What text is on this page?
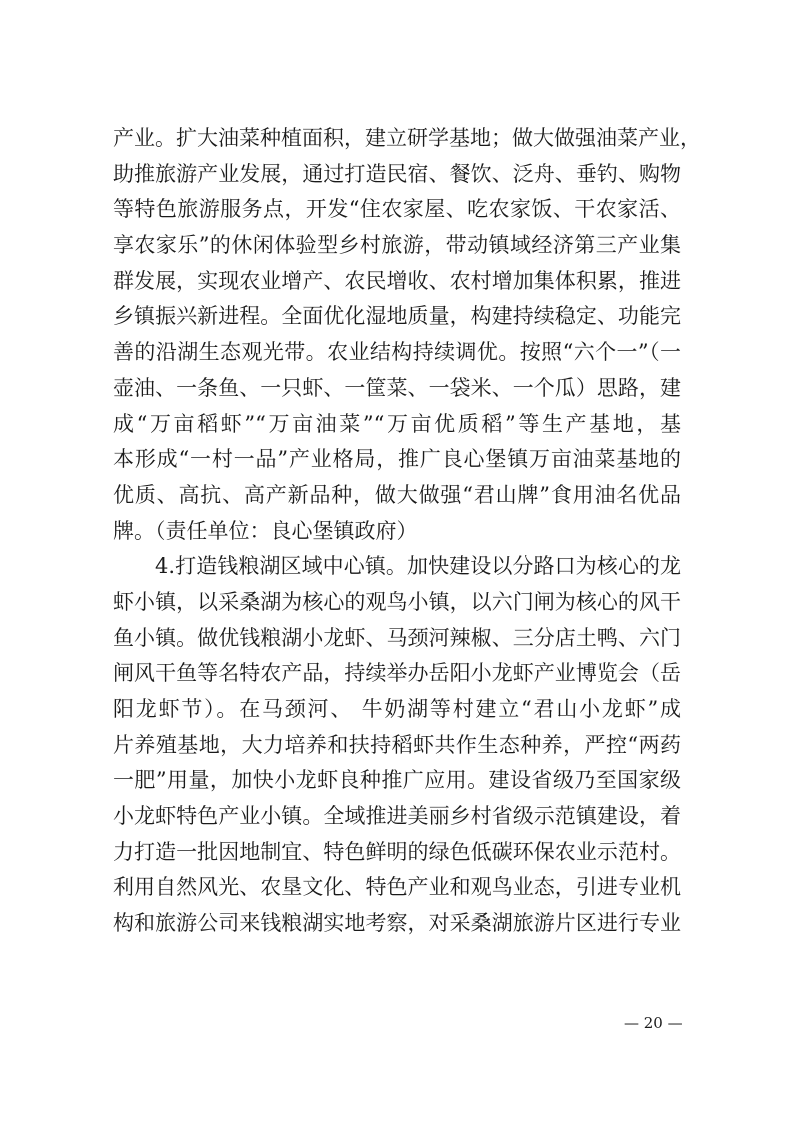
产业。扩大油菜种植面积，建立研学基地；做大做强油菜产业，
助推旅游产业发展，通过打造民宿、餐饮、泛舟、垂钓、购物
等特色旅游服务点，开发“住农家屋、吃农家饭、干农家活、
享农家乐”的休闲体验型乡村旅游，带动镇域经济第三产业集
群发展，实现农业增产、农民增收、农村增加集体积累，推进
乡镇振兴新进程。全面优化湿地质量，构建持续稳定、功能完
善的沿湖生态观光带。农业结构持续调优。按照“六个一”（一
壶油、一条鱼、一只虾、一筐菜、一袋米、一个瓜）思路，建
成“万亩稻虾”“万亩油菜”“万亩优质稻”等生产基地，基
本形成“一村一品”产业格局，推广良心堡镇万亩油菜基地的
优质、高抗、高产新品种，做大做强“君山牌”食用油名优品
牌。（责任单位：良心堡镇政府）
4.打造钱粮湖区域中心镇。加快建设以分路口为核心的龙
虾小镇，以采桑湖为核心的观鸟小镇，以六门闸为核心的风干
鱼小镇。做优钱粮湖小龙虾、马颈河辣椒、三分店土鸭、六门
闸风干鱼等名特农产品，持续举办岳阳小龙虾产业博览会（岳
阳龙虾节）。在马颈河、 牛奶湖等村建立“君山小龙虾”成
片养殖基地，大力培养和扶持稻虾共作生态种养，严控“两药
一肥”用量，加快小龙虾良种推广应用。建设省级乃至国家级
小龙虾特色产业小镇。全域推进美丽乡村省级示范镇建设，着
力打造一批因地制宜、特色鲜明的绿色低碳环保农业示范村。
利用自然风光、农垦文化、特色产业和观鸟业态，引进专业机
构和旅游公司来钱粮湖实地考察，对采桑湖旅游片区进行专业
— 20 —
